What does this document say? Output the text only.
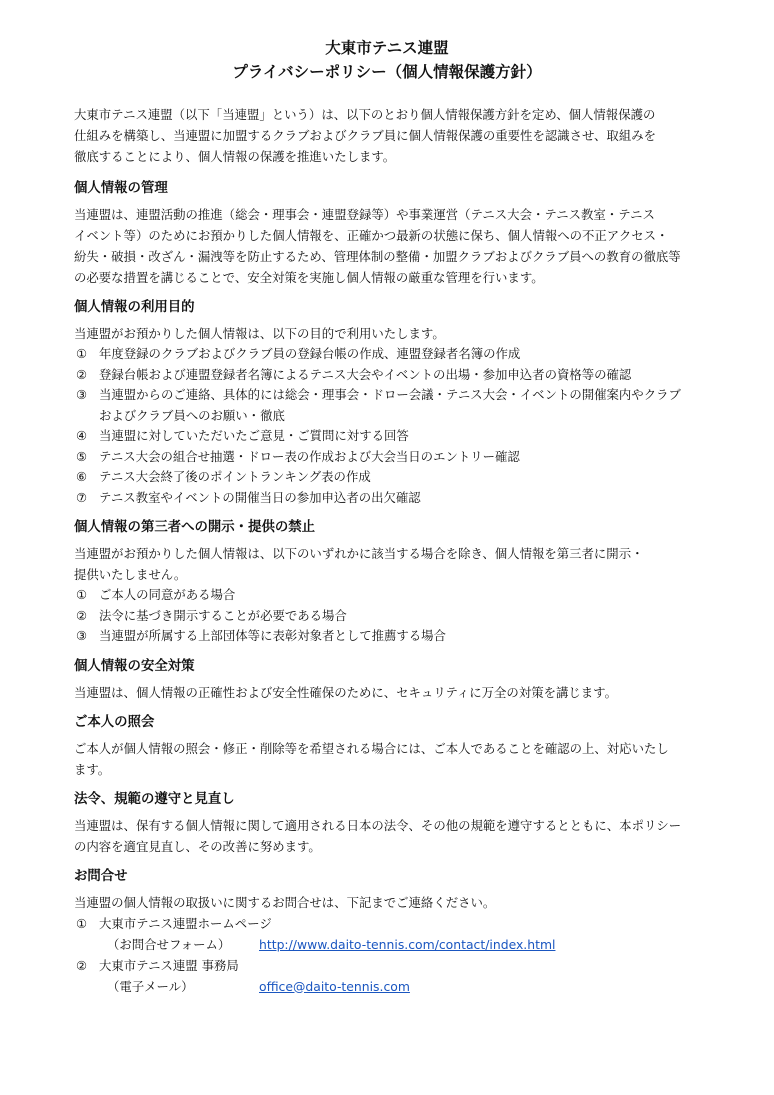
大東市テニス連盟
プライバシーポリシー（個人情報保護方針）
大東市テニス連盟（以下「当連盟」という）は、以下のとおり個人情報保護方針を定め、個人情報保護の
仕組みを構築し、当連盟に加盟するクラブおよびクラブ員に個人情報保護の重要性を認識させ、取組みを
徹底することにより、個人情報の保護を推進いたします。
個人情報の管理
当連盟は、連盟活動の推進（総会・理事会・連盟登録等）や事業運営（テニス大会・テニス教室・テニス
イベント等）のためにお預かりした個人情報を、正確かつ最新の状態に保ち、個人情報への不正アクセス・
紛失・破損・改ざん・漏洩等を防止するため、管理体制の整備・加盟クラブおよびクラブ員への教育の徹底等
の必要な措置を講じることで、安全対策を実施し個人情報の厳重な管理を行います。
個人情報の利用目的
当連盟がお預かりした個人情報は、以下の目的で利用いたします。
① 年度登録のクラブおよびクラブ員の登録台帳の作成、連盟登録者名簿の作成
② 登録台帳および連盟登録者名簿によるテニス大会やイベントの出場・参加申込者の資格等の確認
③ 当連盟からのご連絡、具体的には総会・理事会・ドロー会議・テニス大会・イベントの開催案内やクラブ
およびクラブ員へのお願い・徹底
④ 当連盟に対していただいたご意見・ご質問に対する回答
⑤ テニス大会の組合せ抽選・ドロー表の作成および大会当日のエントリー確認
⑥ テニス大会終了後のポイントランキング表の作成
⑦ テニス教室やイベントの開催当日の参加申込者の出欠確認
個人情報の第三者への開示・提供の禁止
当連盟がお預かりした個人情報は、以下のいずれかに該当する場合を除き、個人情報を第三者に開示・
提供いたしません。
① ご本人の同意がある場合
② 法令に基づき開示することが必要である場合
③ 当連盟が所属する上部団体等に表彰対象者として推薦する場合
個人情報の安全対策
当連盟は、個人情報の正確性および安全性確保のために、セキュリティに万全の対策を講じます。
ご本人の照会
ご本人が個人情報の照会・修正・削除等を希望される場合には、ご本人であることを確認の上、対応いたし
ます。
法令、規範の遵守と見直し
当連盟は、保有する個人情報に関して適用される日本の法令、その他の規範を遵守するとともに、本ポリシー
の内容を適宜見直し、その改善に努めます。
お問合せ
当連盟の個人情報の取扱いに関するお問合せは、下記までご連絡ください。
① 大東市テニス連盟ホームページ
（お問合せフォーム）	http://www.daito-tennis.com/contact/index.html
② 大東市テニス連盟 事務局
（電子メール）	office@daito-tennis.com
